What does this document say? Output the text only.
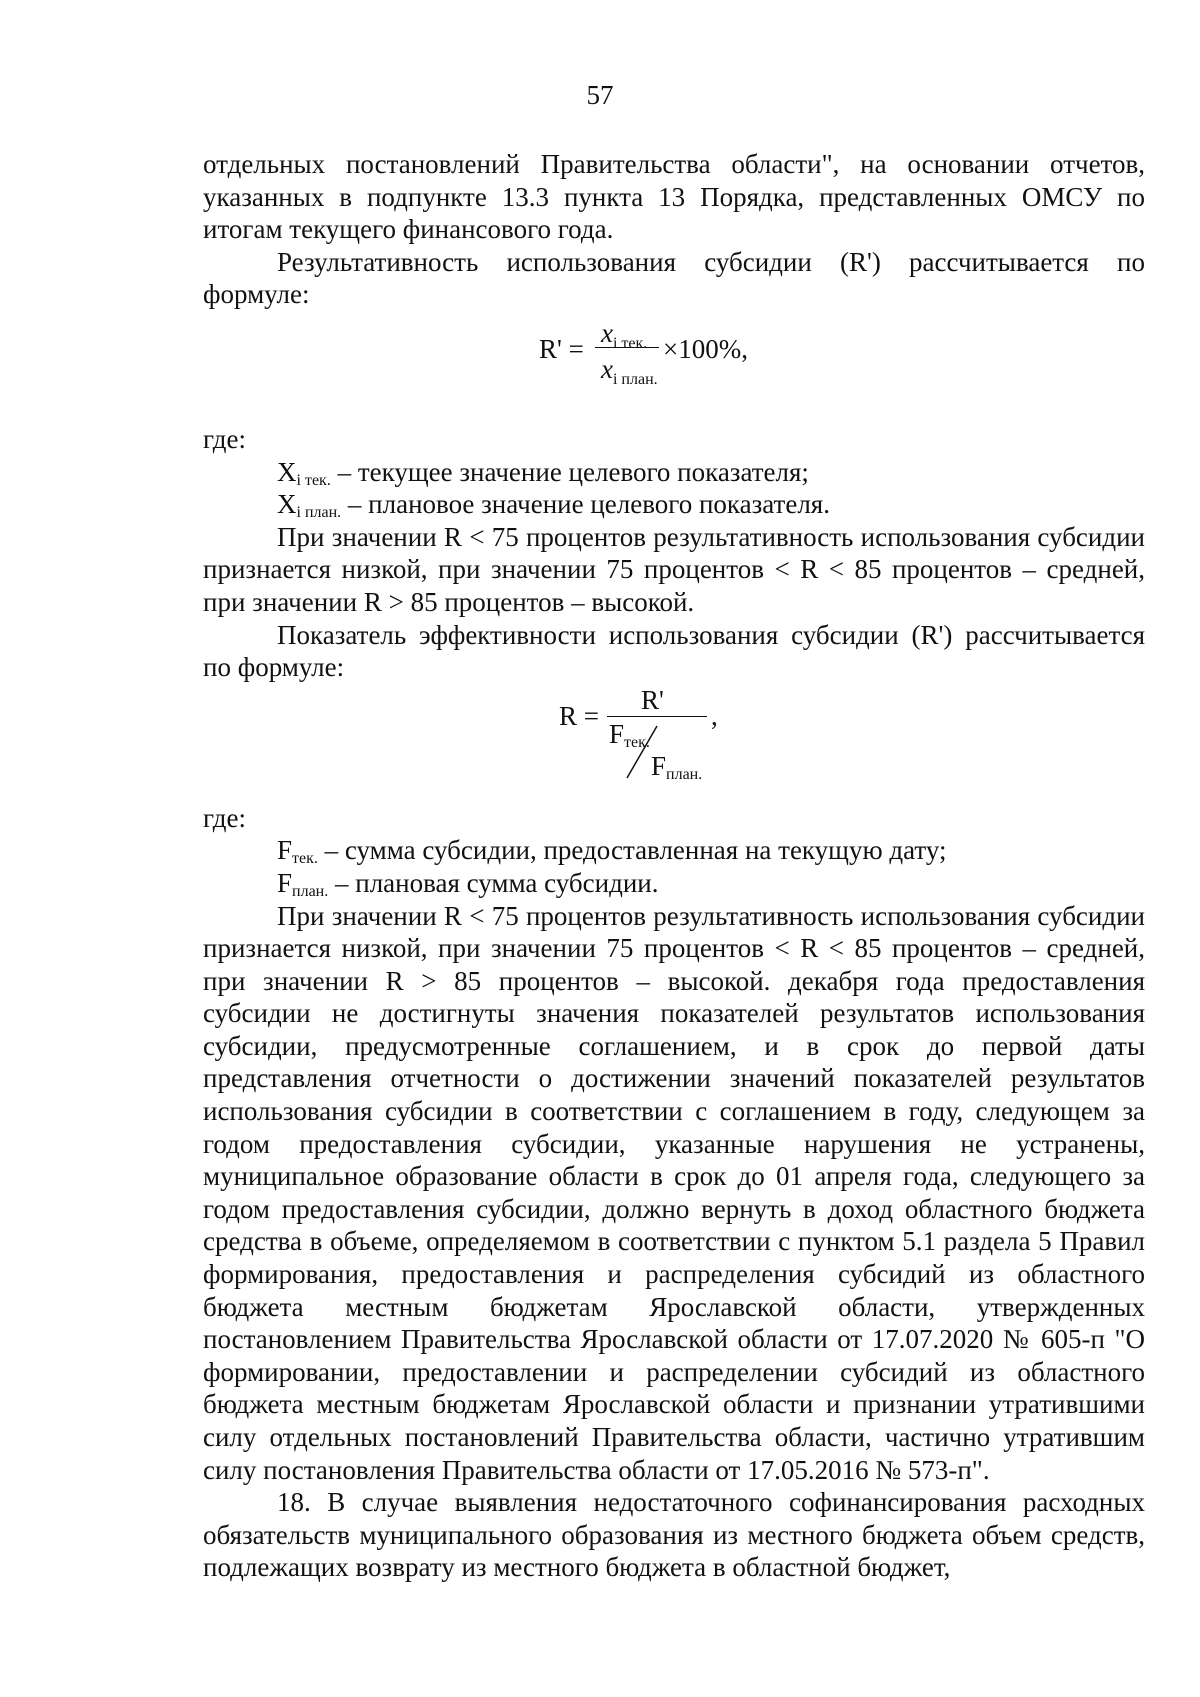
57

отдельных постановлений Правительства области", на основании отчетов, указанных в подпункте 13.3 пункта 13 Порядка, представленных ОМСУ по итогам текущего финансового года.

Результативность использования субсидии (R') рассчитывается по формуле:

R' =
$x_{i тек.}$
$x_{i план.}$
×100%,

где:

$X_{i тек.}$ – текущее значение целевого показателя;

$X_{i план.}$ – плановое значение целевого показателя.

При значении R < 75 процентов результативность использования субсидии признается низкой, при значении 75 процентов < R < 85 процентов – средней, при значении R > 85 процентов – высокой.

Показатель эффективности использования субсидии (R') рассчитывается по формуле:

R =
R'
,
Fтек.
Fплан.

где:

$F_{тек.}$ – сумма субсидии, предоставленная на текущую дату;

$F_{план.}$ – плановая сумма субсидии.

При значении R < 75 процентов результативность использования субсидии признается низкой, при значении 75 процентов < R < 85 процентов – средней, при значении R > 85 процентов – высокой. декабря года предоставления субсидии не достигнуты значения показателей результатов использования субсидии, предусмотренные соглашением, и в срок до первой даты представления отчетности о достижении значений показателей результатов использования субсидии в соответствии с соглашением в году, следующем за годом предоставления субсидии, указанные нарушения не устранены, муниципальное образование области в срок до 01 апреля года, следующего за годом предоставления субсидии, должно вернуть в доход областного бюджета средства в объеме, определяемом в соответствии с пунктом 5.1 раздела 5 Правил формирования, предоставления и распределения субсидий из областного бюджета местным бюджетам Ярославской области, утвержденных постановлением Правительства Ярославской области от 17.07.2020 № 605-п "О формировании, предоставлении и распределении субсидий из областного бюджета местным бюджетам Ярославской области и признании утратившими силу отдельных постановлений Правительства области, частично утратившим силу постановления Правительства области от 17.05.2016 № 573-п".

18. В случае выявления недостаточного софинансирования расходных обязательств муниципального образования из местного бюджета объем средств, подлежащих возврату из местного бюджета в областной бюджет,
